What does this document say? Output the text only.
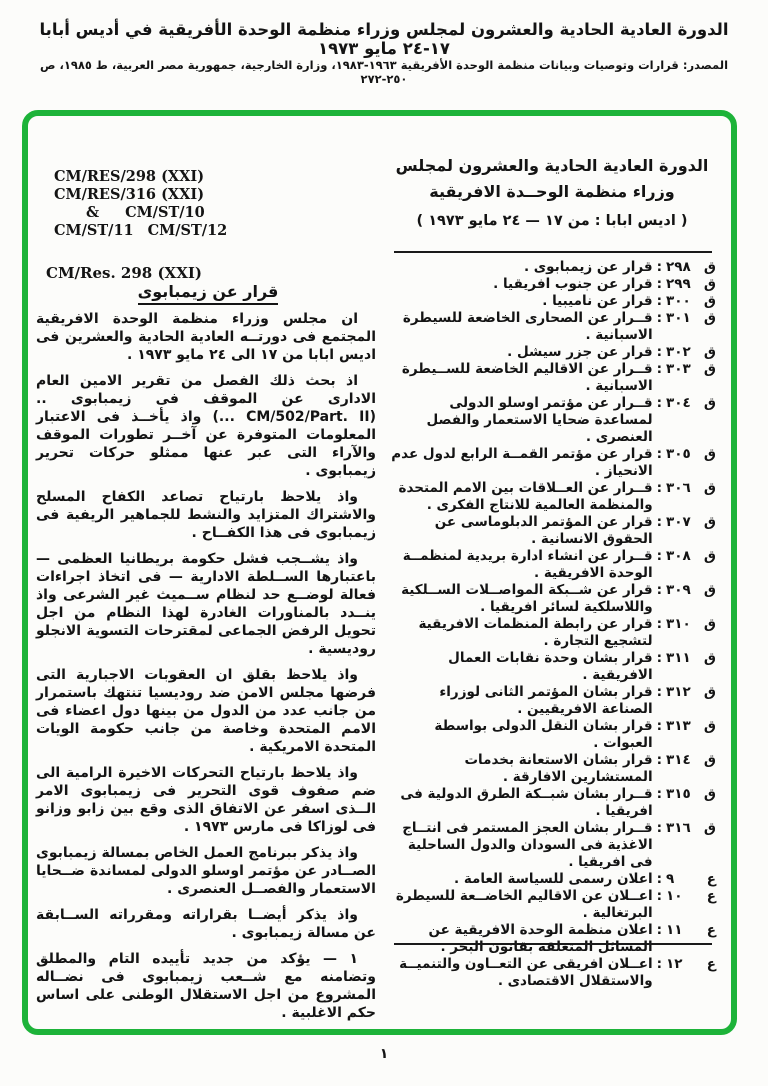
الدورة العادية الحادية والعشرون لمجلس وزراء منظمة الوحدة الأفريقية في أديس أبابا ١٧-٢٤ مايو ١٩٧٣
المصدر: قرارات وتوصيات وبيانات منظمة الوحدة الأفريقية ١٩٦٣-١٩٨٣، وزارة الخارجية، جمهورية مصر العربية، ط ١٩٨٥، ص ٢٥٠-٢٧٢
CM/RES/298 (XXI)
CM/RES/316 (XXI)
& CM/ST/10
CM/ST/11 CM/ST/12
CM/Res. 298 (XXI)
قرار عن زيمبابوى

ان مجلس وزراء منظمة الوحدة الافريقية المجتمع فى دورتــه العادية الحادية والعشرين فى اديس ابابا من ١٧ الى ٢٤ مايو ١٩٧٣ .

اذ بحث ذلك الفصل من تقرير الامين العام الادارى عن الموقف فى زيمبابوى .. (CM/502/Part. II ...) واذ يأخــذ فى الاعتبار المعلومات المتوفرة عن آخــر تطورات الموقف والآراء التى عبر عنها ممثلو حركات تحرير زيمبابوى .

واذ يلاحظ بارتياح تصاعد الكفاح المسلح والاشتراك المتزايد والنشط للجماهير الريفية فى زيمبابوى فى هذا الكفــاح .

واذ يشــجب فشل حكومة بريطانيا العظمى — باعتبارها الســلطة الادارية — فى اتخاذ اجراءات فعالة لوضــع حد لنظام ســميث غير الشرعى واذ ينــدد بالمناورات الغادرة لهذا النظام من اجل تحويل الرفض الجماعى لمقترحات التسوية الانجلو روديسية .

واذ يلاحظ بقلق ان العقوبات الاجبارية التى فرضها مجلس الامن ضد روديسيا تنتهك باستمرار من جانب عدد من الدول من بينها دول اعضاء فى الامم المتحدة وخاصة من جانب حكومة الويات المتحدة الامريكية .

واذ يلاحظ بارتياح التحركات الاخيرة الرامية الى ضم صفوف قوى التحرير فى زيمبابوى الامر الــذى اسفر عن الاتفاق الذى وقع بين زابو وزانو فى لوزاكا فى مارس ١٩٧٣ .

واذ يذكر ببرنامج العمل الخاص بمسالة زيمبابوى الصــادر عن مؤتمر اوسلو الدولى لمساندة ضــحايا الاستعمار والفصــل العنصرى .

واذ يذكر أيضــا بقراراته ومقرراته الســابقة عن مسالة زيمبابوى .

١ — يؤكد من جديد تأييده التام والمطلق وتضامنه مع شــعب زيمبابوى فى نضــاله المشروع من اجل الاستقلال الوطنى على اساس حكم الاغلبية .

الدورة العادية الحادية والعشرون لمجلس
وزراء منظمة الوحــدة الافريقية
( اديس ابابا : من ١٧ — ٢٤ مايو ١٩٧٣ )
ق
٢٩٨
:
قرار عن زيمبابوى .
ق
٢٩٩
:
قرار عن جنوب افريقيا .
ق
٣٠٠
:
قرار عن ناميبيا .
ق
٣٠١
:
قــرار عن الصحارى الخاضعة للسيطرة الاسبانية .
ق
٣٠٢
:
قرار عن جزر سيشل .
ق
٣٠٣
:
قــرار عن الاقاليم الخاضعة للســيطرة الاسبانية .
ق
٣٠٤
:
قــرار عن مؤتمر اوسلو الدولى لمساعدة ضحايا الاستعمار والفصل العنصرى .
ق
٣٠٥
:
قرار عن مؤتمر القمــة الرابع لدول عدم الانحياز .
ق
٣٠٦
:
قــرار عن العــلاقات بين الامم المتحدة والمنظمة العالمية للانتاج الفكرى .
ق
٣٠٧
:
قرار عن المؤتمر الدبلوماسى عن الحقوق الانسانية .
ق
٣٠٨
:
قــرار عن انشاء ادارة بريدية لمنظمــة الوحدة الافريقية .
ق
٣٠٩
:
قرار عن شــبكة المواصــلات الســلكية واللاسلكية لسائر افريقيا .
ق
٣١٠
:
قرار عن رابطة المنظمات الافريقية لتشجيع التجارة .
ق
٣١١
:
قرار بشان وحدة نقابات العمال الافريقية .
ق
٣١٢
:
قرار بشان المؤتمر الثانى لوزراء الصناعة الافريقيين .
ق
٣١٣
:
قرار بشان النقل الدولى بواسطة العبوات .
ق
٣١٤
:
قرار بشان الاستعانة بخدمات المستشارين الافارقة .
ق
٣١٥
:
قــرار بشان شبــكة الطرق الدولية فى افريقيا .
ق
٣١٦
:
قــرار بشان العجز المستمر فى انتــاج الاغذية فى السودان والدول الساحلية فى افريقيا .
ع
٩
:
اعلان رسمى للسياسة العامة .
ع
١٠
:
اعــلان عن الاقاليم الخاضــعة للسيطرة البرتغالية .
ع
١١
:
اعلان منظمة الوحدة الافريقية عن المسائل المتعلقة بقانون البحر .
ع
١٢
:
اعــلان افريقى عن التعــاون والتنميــة والاستقلال الاقتصادى .
١
